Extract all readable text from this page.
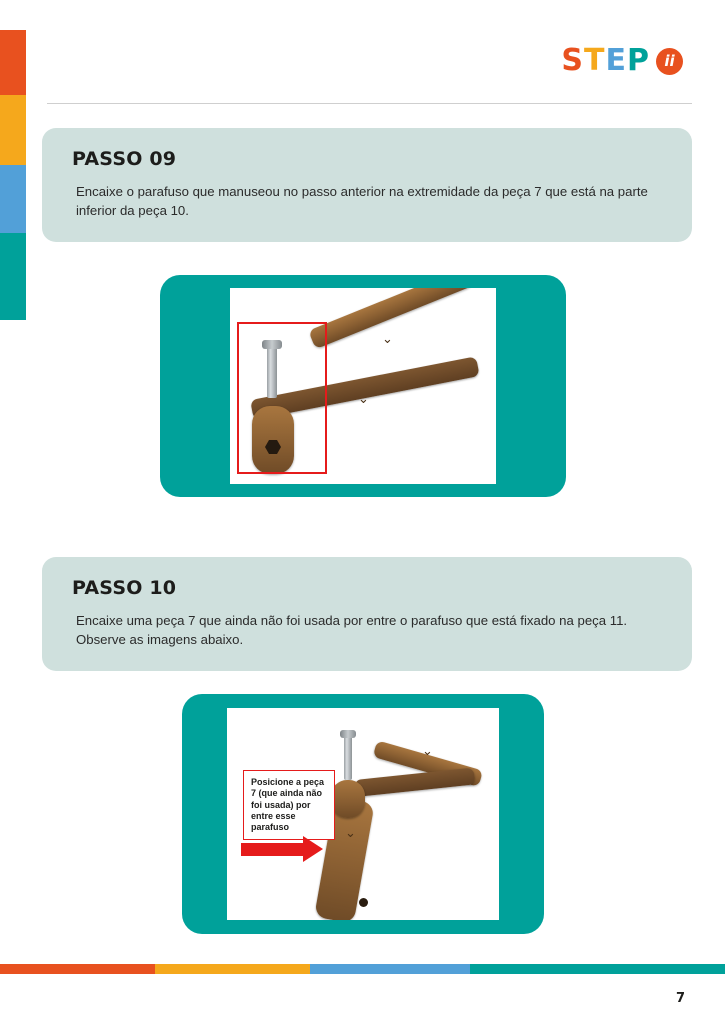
STEP ii
PASSO 09
Encaixe o parafuso que manuseou no passo anterior na extremidade da peça 7 que está na parte inferior da peça 10.
⌄
⌄
PASSO 10
Encaixe uma peça 7 que ainda não foi usada por entre o parafuso que está fixado na peça 11. Observe as imagens abaixo.
⌄
⌄
Posicione a peça 7 (que ainda não foi usada) por entre esse parafuso
7
